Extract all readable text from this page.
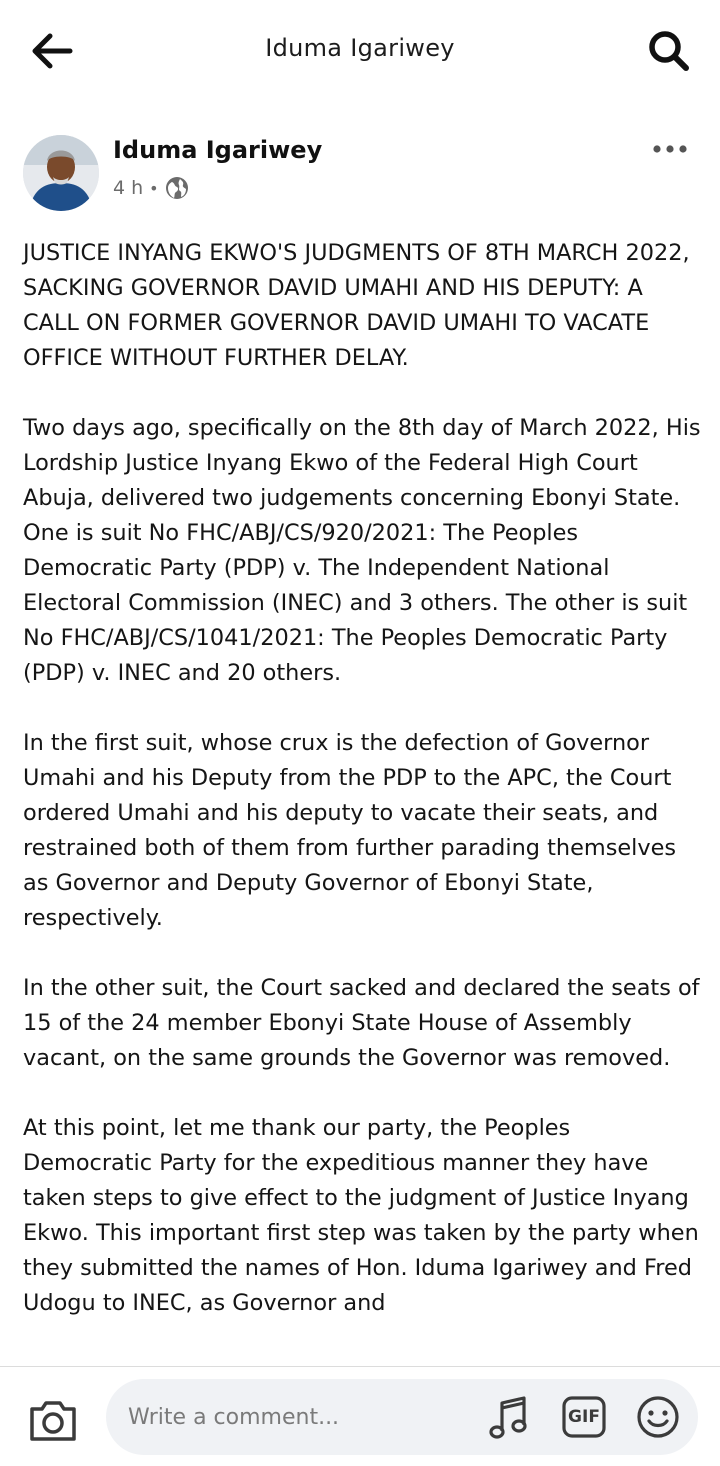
Iduma Igariwey
Iduma Igariwey
4 h •

JUSTICE INYANG EKWO'S JUDGMENTS OF 8TH MARCH 2022, SACKING GOVERNOR DAVID UMAHI AND HIS DEPUTY: A CALL ON FORMER GOVERNOR DAVID UMAHI TO VACATE OFFICE WITHOUT FURTHER DELAY.

Two days ago, specifically on the 8th day of March 2022, His Lordship Justice Inyang Ekwo of the Federal High Court Abuja, delivered two judgements concerning Ebonyi State. One is suit No FHC/ABJ/CS/920/2021: The Peoples Democratic Party (PDP) v. The Independent National Electoral Commission (INEC) and 3 others. The other is suit No FHC/ABJ/CS/1041/2021: The Peoples Democratic Party (PDP) v. INEC and 20 others.

In the first suit, whose crux is the defection of Governor Umahi and his Deputy from the PDP to the APC, the Court ordered Umahi and his deputy to vacate their seats, and restrained both of them from further parading themselves as Governor and Deputy Governor of Ebonyi State, respectively.

In the other suit, the Court sacked and declared the seats of 15 of the 24 member Ebonyi State House of Assembly vacant, on the same grounds the Governor was removed.

At this point, let me thank our party, the Peoples Democratic Party for the expeditious manner they have taken steps to give effect to the judgment of Justice Inyang Ekwo. This important first step was taken by the party when they submitted the names of Hon. Iduma Igariwey and Fred Udogu to INEC, as Governor and

Write a comment...
GIF
